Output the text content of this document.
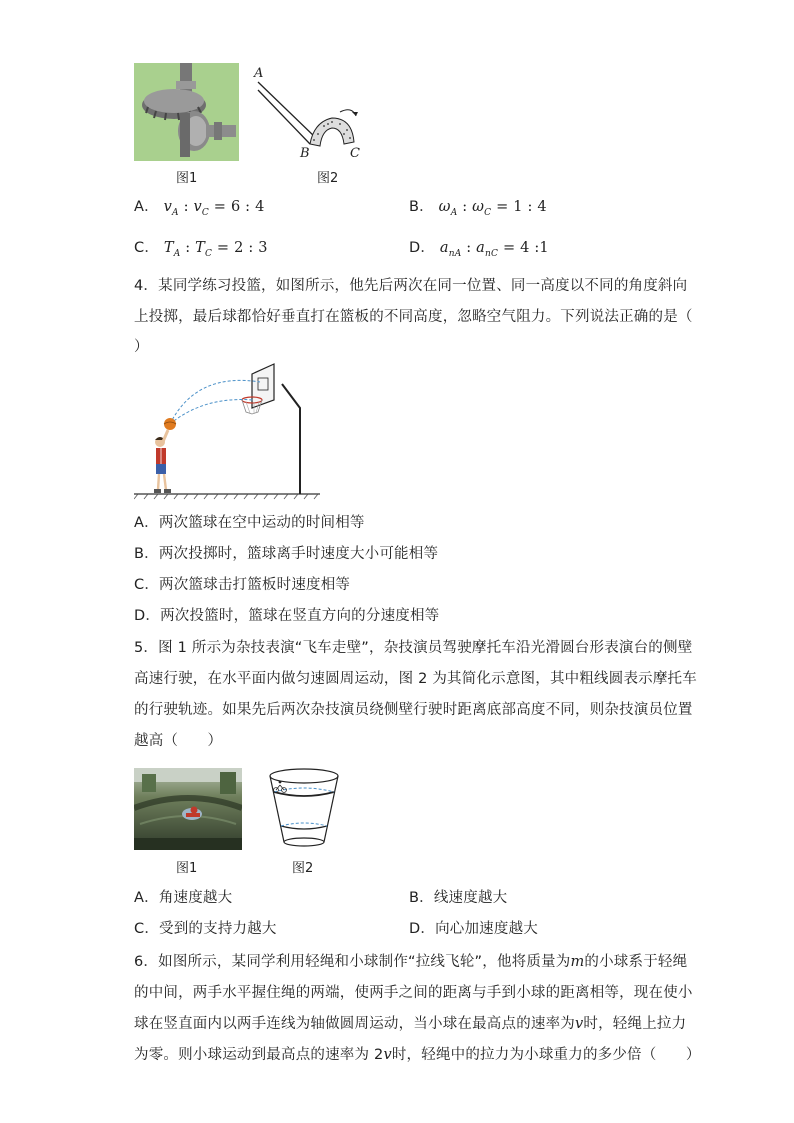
图1
A
B	C
图2
A． $v_A$ : $v_C = 6$ : 4	B． $\omega_A$ : $\omega_C = 1$ : 4
C． $T_A$ : $T_C = 2$ : 3	D． $a_{nA}$ : $a_{nC} = 4$ :1
4．某同学练习投篮，如图所示，他先后两次在同一位置、同一高度以不同的角度斜向
上投掷，最后球都恰好垂直打在篮板的不同高度，忽略空气阻力。下列说法正确的是（
）
A．两次篮球在空中运动的时间相等
B．两次投掷时，篮球离手时速度大小可能相等
C．两次篮球击打篮板时速度相等
D．两次投篮时，篮球在竖直方向的分速度相等
5．图 1 所示为杂技表演“飞车走壁”，杂技演员驾驶摩托车沿光滑圆台形表演台的侧壁
高速行驶，在水平面内做匀速圆周运动，图 2 为其简化示意图，其中粗线圆表示摩托车
的行驶轨迹。如果先后两次杂技演员绕侧壁行驶时距离底部高度不同，则杂技演员位置
越高（　　）
图1	图2
A．角速度越大	B．线速度越大
C．受到的支持力越大	D．向心加速度越大
6．如图所示，某同学利用轻绳和小球制作“拉线飞轮”，他将质量为m的小球系于轻绳
的中间，两手水平握住绳的两端，使两手之间的距离与手到小球的距离相等，现在使小
球在竖直面内以两手连线为轴做圆周运动，当小球在最高点的速率为v时，轻绳上拉力
为零。则小球运动到最高点的速率为 2v时，轻绳中的拉力为小球重力的多少倍（　　）
